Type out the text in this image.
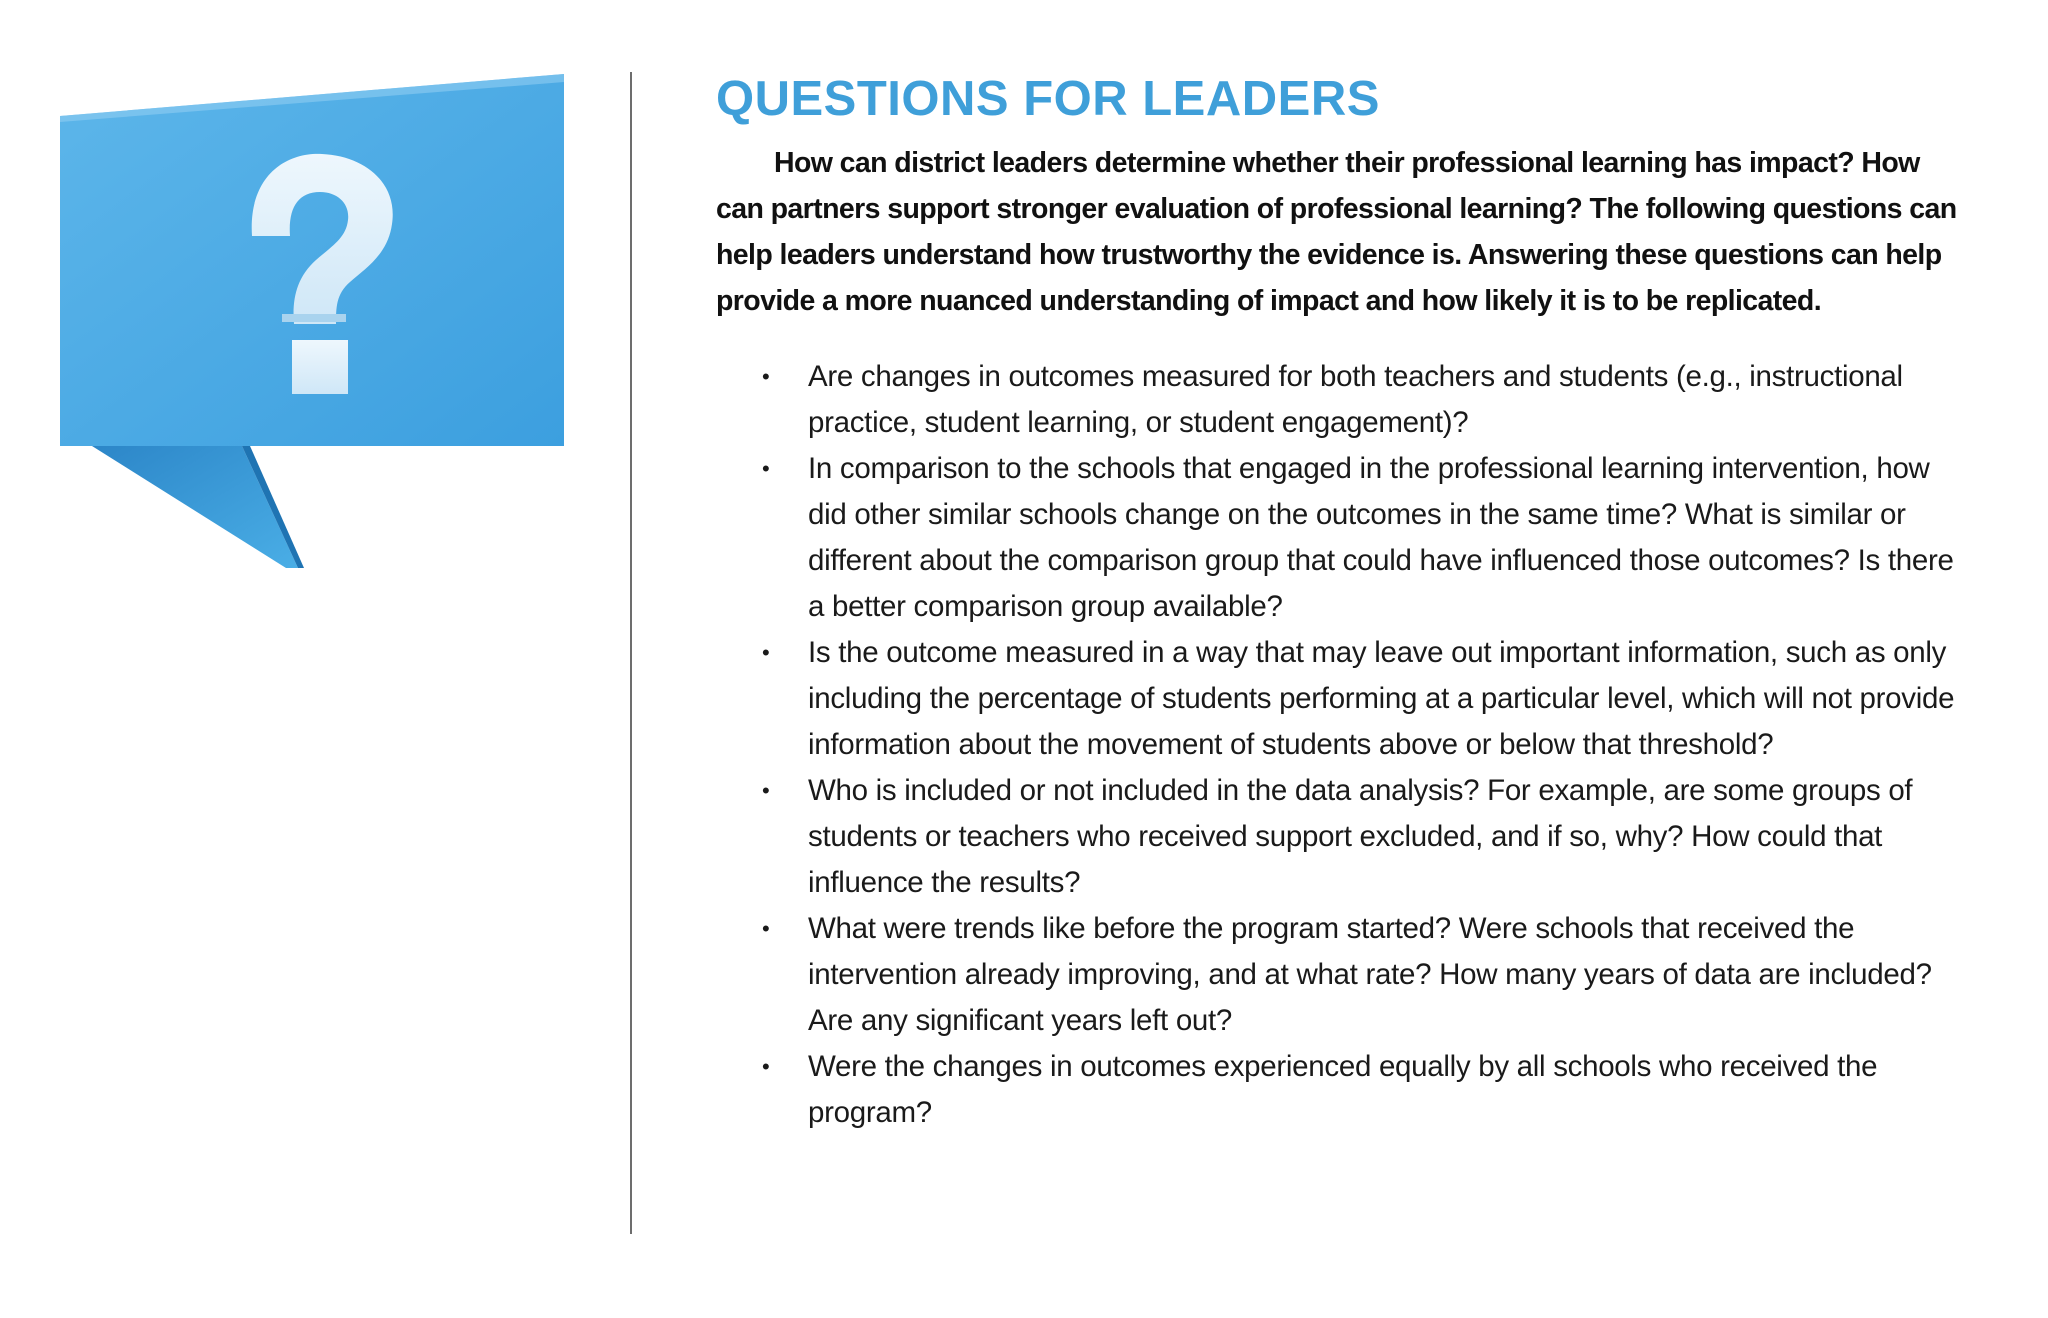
QUESTIONS FOR LEADERS

How can district leaders determine whether their professional learning has impact? How can partners support stronger evaluation of professional learning? The following questions can help leaders understand how trustworthy the evidence is. Answering these questions can help provide a more nuanced understanding of impact and how likely it is to be replicated.

• Are changes in outcomes measured for both teachers and students (e.g., instructional practice, student learning, or student engagement)?
• In comparison to the schools that engaged in the professional learning intervention, how did other similar schools change on the outcomes in the same time? What is similar or different about the comparison group that could have influenced those outcomes? Is there a better comparison group available?
• Is the outcome measured in a way that may leave out important information, such as only including the percentage of students performing at a particular level, which will not provide information about the movement of students above or below that threshold?
• Who is included or not included in the data analysis? For example, are some groups of students or teachers who received support excluded, and if so, why? How could that influence the results?
• What were trends like before the program started? Were schools that received the intervention already improving, and at what rate? How many years of data are included? Are any significant years left out?
• Were the changes in outcomes experienced equally by all schools who received the program?
